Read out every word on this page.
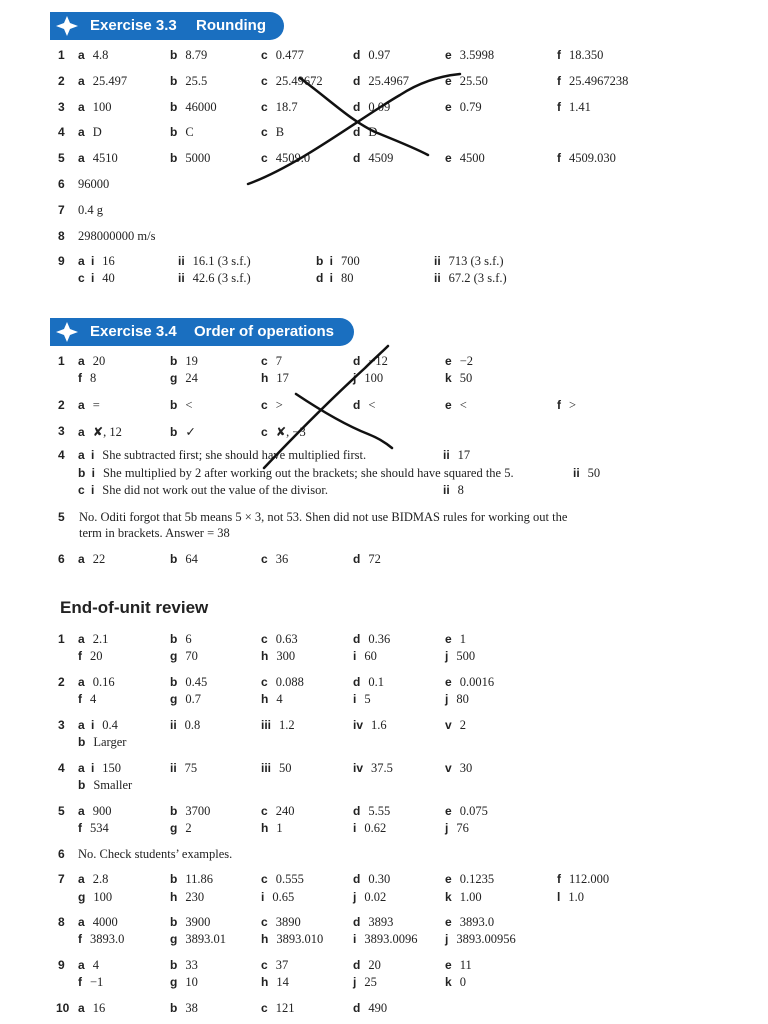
Exercise 3.3 Rounding
1 a 4.8	b 8.79	c 0.477	d 0.97	e 3.5998	f 18.350
2 a 25.497	b 25.5	c 25.49672	d 25.4967	e 25.50	f 25.4967238
3 a 100	b 46000	c 18.7	d 0.09	e 0.79	f 1.41
4 a D	b C	c B	d D
5 a 4510	b 5000	c 4509.0	d 4509	e 4500	f 4509.030
6 96000
7 0.4 g
8 298000000 m/s
9 a i 16	ii 16.1 (3 s.f.)	b i 700	ii 713 (3 s.f.)
c i 40	ii 42.6 (3 s.f.)	d i 80	ii 67.2 (3 s.f.)
Exercise 3.4 Order of operations
1 a 20	b 19	c 7	d −12	e −2
f 8	g 24	h 17	j 100	k 50
2 a =	b <	c >	d <	e <	f >
3 a ✘, 12	b ✓	c ✘, −3
4 a i She subtracted first; she should have multiplied first.	ii 17
b i She multiplied by 2 after working out the brackets; she should have squared the 5.	ii 50
c i She did not work out the value of the divisor.	ii 8
5 No. Oditi forgot that 5b means 5 × 3, not 53. Shen did not use BIDMAS rules for working out the
term in brackets. Answer = 38
6 a 22	b 64	c 36	d 72
End-of-unit review
1 a 2.1	b 6	c 0.63	d 0.36	e 1
f 20	g 70	h 300	i 60	j 500
2 a 0.16	b 0.45	c 0.088	d 0.1	e 0.0016
f 4	g 0.7	h 4	i 5	j 80
3 a i 0.4	ii 0.8	iii 1.2	iv 1.6	v 2
b Larger
4 a i 150	ii 75	iii 50	iv 37.5	v 30
b Smaller
5 a 900	b 3700	c 240	d 5.55	e 0.075
f 534	g 2	h 1	i 0.62	j 76
6 No. Check students’ examples.
7 a 2.8	b 11.86	c 0.555	d 0.30	e 0.1235	f 112.000
g 100	h 230	i 0.65	j 0.02	k 1.00	l 1.0
8 a 4000	b 3900	c 3890	d 3893	e 3893.0
f 3893.0	g 3893.01	h 3893.010 i 3893.0096 j 3893.00956
9 a 4	b 33	c 37	d 20	e 11
f −1	g 10	h 14	j 25	k 0
10 a 16	b 38	c 121	d 490
